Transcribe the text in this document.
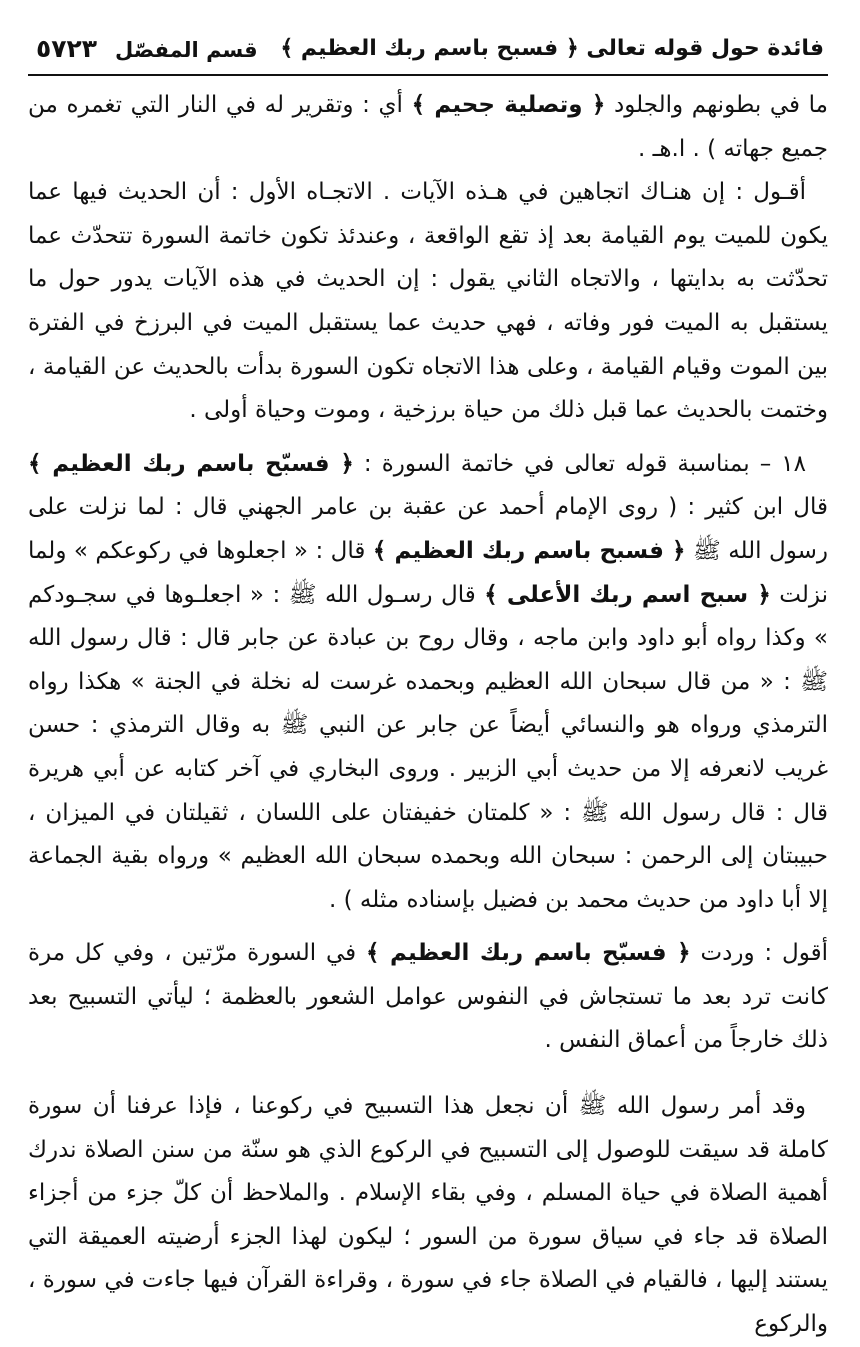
فائدة حول قوله تعالى ﴿ فسبح باسم ربك العظيم ﴾
قسم المفصّل
٥٧٢٣

ما في بطونهم والجلود ﴿ وتصلية جحيم ﴾ أي : وتقرير له في النار التي تغمره من جميع جهاته ) . ا.هـ .

أقـول : إن هنـاك اتجاهين في هـذه الآيات . الاتجـاه الأول : أن الحديث فيها عما يكون للميت يوم القيامة بعد إذ تقع الواقعة ، وعندئذ تكون خاتمة السورة تتحدّث عما تحدّثت به بدايتها ، والاتجاه الثاني يقول : إن الحديث في هذه الآيات يدور حول ما يستقبل به الميت فور وفاته ، فهي حديث عما يستقبل الميت في البرزخ في الفترة بين الموت وقيام القيامة ، وعلى هذا الاتجاه تكون السورة بدأت بالحديث عن القيامة ، وختمت بالحديث عما قبل ذلك من حياة برزخية ، وموت وحياة أولى .

١٨ – بمناسبة قوله تعالى في خاتمة السورة : ﴿ فسبّح باسم ربك العظيم ﴾ قال ابن كثير : ( روى الإمام أحمد عن عقبة بن عامر الجهني قال : لما نزلت على رسول الله ﷺ ﴿ فسبح باسم ربك العظيم ﴾ قال : « اجعلوها في ركوعكم » ولما نزلت ﴿ سبح اسم ربك الأعلى ﴾ قال رسـول الله ﷺ : « اجعلـوها في سجـودكم » وكذا رواه أبو داود وابن ماجه ، وقال روح بن عبادة عن جابر قال : قال رسول الله ﷺ : « من قال سبحان الله العظيم وبحمده غرست له نخلة في الجنة » هكذا رواه الترمذي ورواه هو والنسائي أيضاً عن جابر عن النبي ﷺ به وقال الترمذي : حسن غريب لانعرفه إلا من حديث أبي الزبير . وروى البخاري في آخر كتابه عن أبي هريرة قال : قال رسول الله ﷺ : « كلمتان خفيفتان على اللسان ، ثقيلتان في الميزان ، حبيبتان إلى الرحمن : سبحان الله وبحمده سبحان الله العظيم » ورواه بقية الجماعة إلا أبا داود من حديث محمد بن فضيل بإسناده مثله ) .

أقول : وردت ﴿ فسبّح باسم ربك العظيم ﴾ في السورة مرّتين ، وفي كل مرة كانت ترد بعد ما تستجاش في النفوس عوامل الشعور بالعظمة ؛ ليأتي التسبيح بعد ذلك خارجاً من أعماق النفس .

وقد أمر رسول الله ﷺ أن نجعل هذا التسبيح في ركوعنا ، فإذا عرفنا أن سورة كاملة قد سيقت للوصول إلى التسبيح في الركوع الذي هو سنّة من سنن الصلاة ندرك أهمية الصلاة في حياة المسلم ، وفي بقاء الإسلام . والملاحظ أن كلّ جزء من أجزاء الصلاة قد جاء في سياق سورة من السور ؛ ليكون لهذا الجزء أرضيته العميقة التي يستند إليها ، فالقيام في الصلاة جاء في سورة ، وقراءة القرآن فيها جاءت في سورة ، والركوع
